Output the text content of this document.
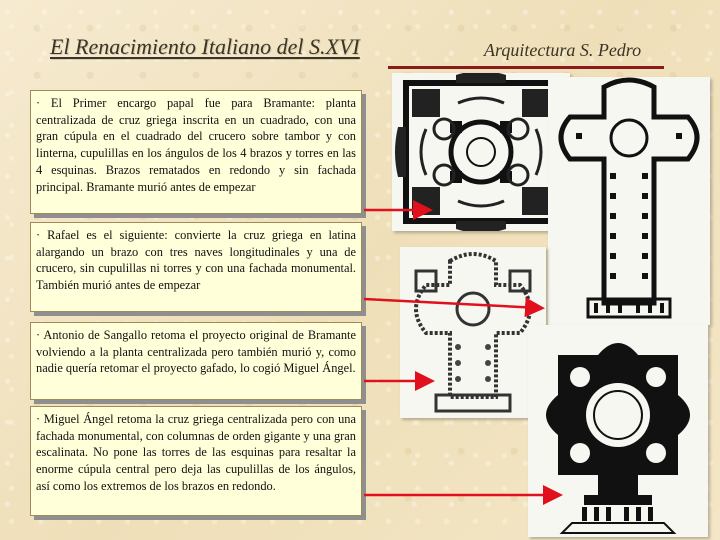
El Renacimiento Italiano del S.XVI	Arquitectura S. Pedro
· El Primer encargo papal fue para Bramante: planta centralizada de cruz griega inscrita en un cuadrado, con una gran cúpula en el cuadrado del crucero sobre tambor y con linterna, cupulillas en los ángulos de los 4 brazos y torres en las 4 esquinas. Brazos rematados en redondo y sin fachada principal. Bramante murió antes de empezar
· Rafael es el siguiente: convierte la cruz griega en latina alargando un brazo con tres naves longitudinales y una de crucero, sin cupulillas ni torres y con una fachada monumental. También murió antes de empezar
· Antonio de Sangallo retoma el proyecto original de Bramante volviendo a la planta centralizada pero también murió y, como nadie quería retomar el proyecto gafado, lo cogió Miguel Ángel.
· Miguel Ángel retoma la cruz griega centralizada pero con una fachada monumental, con columnas de orden gigante y una gran escalinata. No pone las torres de las esquinas para resaltar la enorme cúpula central pero deja las cupulillas de los ángulos, así como los extremos de los brazos en redondo.
